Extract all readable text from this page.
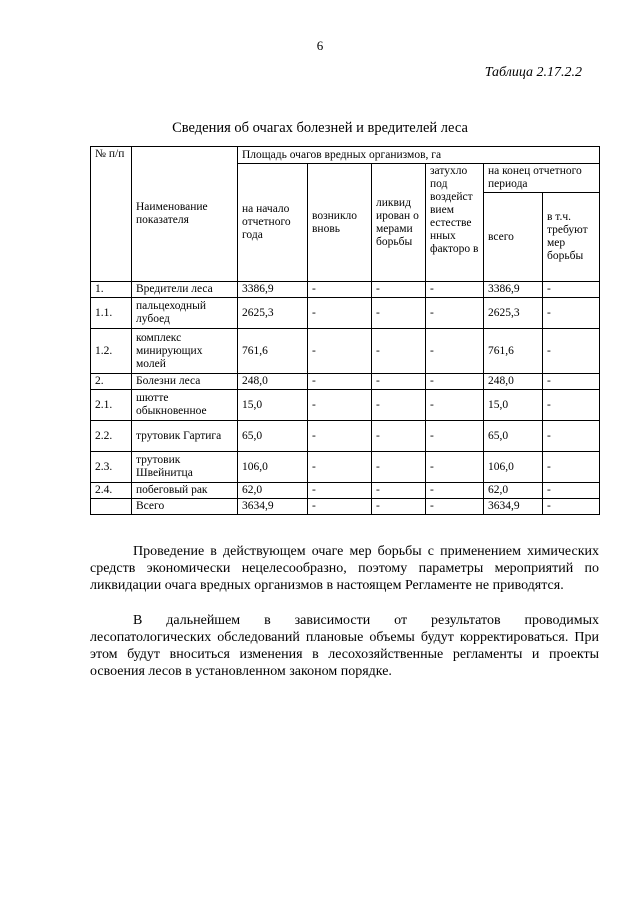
6
Таблица 2.17.2.2
Сведения об очагах болезней и вредителей леса
№ п/п	Наименование показателя	Площадь очагов вредных организмов, га					
		на начало отчетного года	возникло вновь	ликвид ирован о мерами борьбы	затухло под воздейст вием естестве нных факторо в	на конец отчетного периода	
						всего	в т.ч. требуют мер борьбы
1.	Вредители леса	3386,9	-	-	-	3386,9	-
1.1.	пальцеходный лубоед	2625,3	-	-	-	2625,3	-
1.2.	комплекс минирующих молей	761,6	-	-	-	761,6	-
2.	Болезни леса	248,0	-	-	-	248,0	-
2.1.	шютте обыкновенное	15,0	-	-	-	15,0	-
2.2.	трутовик Гартига	65,0	-	-	-	65,0	-
2.3.	трутовик Швейнитца	106,0	-	-	-	106,0	-
2.4.	побеговый рак	62,0	-	-	-	62,0	-
	Всего	3634,9	-	-	-	3634,9	-

Проведение в действующем очаге мер борьбы с применением химических средств экономически нецелесообразно, поэтому параметры мероприятий по ликвидации очага вредных организмов в настоящем Регламенте не приводятся.

В дальнейшем в зависимости от результатов проводимых лесопатологических обследований плановые объемы будут корректироваться. При этом будут вноситься изменения в лесохозяйственные регламенты и проекты освоения лесов в установленном законом порядке.
